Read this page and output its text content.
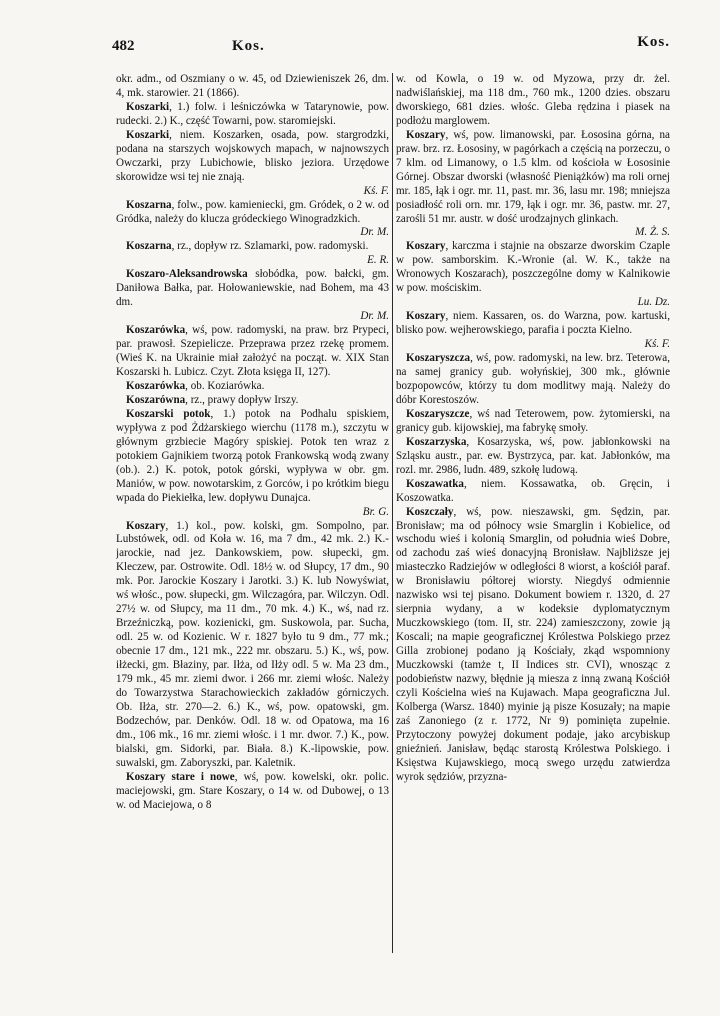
482	Kos.	Kos.

okr. adm., od Oszmiany o w. 45, od Dziewieniszek 26, dm. 4, mk. starowier. 21 (1866).

Koszarki, 1.) folw. i leśniczówka w Tatarynowie, pow. rudecki. 2.) K., część Towarni, pow. staromiejski.

Koszarki, niem. Koszarken, osada, pow. stargrodzki, podana na starszych wojskowych mapach, w najnowszych Owczarki, przy Lubichowie, blisko jeziora. Urzędowe skorowidze wsi tej nie znają.
Kś. F.

Koszarna, folw., pow. kamieniecki, gm. Gródek, o 2 w. od Gródka, należy do klucza gródeckiego Winogradzkich.
Dr. M.

Koszarna, rz., dopływ rz. Szlamarki, pow. radomyski.
E. R.

Koszaro-Aleksandrowska słobódka, pow. bałcki, gm. Daniłowa Bałka, par. Hołowaniewskie, nad Bohem, ma 43 dm.
Dr. M.

Koszarówka, wś, pow. radomyski, na praw. brz Prypeci, par. prawosł. Szepielicze. Przeprawa przez rzekę promem. (Wieś K. na Ukrainie miał założyć na począt. w. XIX Stan Koszarski h. Lubicz. Czyt. Złota księga II, 127).

Koszarówka, ob. Koziarówka.

Koszarówna, rz., prawy dopływ Irszy.

Koszarski potok, 1.) potok na Podhalu spiskiem, wypływa z pod Żdżarskiego wierchu (1178 m.), szczytu w głównym grzbiecie Magóry spiskiej. Potok ten wraz z potokiem Gajnikiem tworzą potok Frankowską wodą zwany (ob.). 2.) K. potok, potok górski, wypływa w obr. gm. Maniów, w pow. nowotarskim, z Gorców, i po krótkim biegu wpada do Piekiełka, lew. dopływu Dunajca.
Br. G.

Koszary, 1.) kol., pow. kolski, gm. Sompolno, par. Lubstówek, odl. od Koła w. 16, ma 7 dm., 42 mk. 2.) K.-jarockie, nad jez. Dankowskiem, pow. słupecki, gm. Kleczew, par. Ostrowite. Odl. 18½ w. od Słupcy, 17 dm., 90 mk. Por. Jarockie Koszary i Jarotki. 3.) K. lub Nowyświat, wś włośc., pow. słupecki, gm. Wilczagóra, par. Wilczyn. Odl. 27½ w. od Słupcy, ma 11 dm., 70 mk. 4.) K., wś, nad rz. Brzeźniczką, pow. kozienicki, gm. Suskowola, par. Sucha, odl. 25 w. od Kozienic. W r. 1827 było tu 9 dm., 77 mk.; obecnie 17 dm., 121 mk., 222 mr. obszaru. 5.) K., wś, pow. iłżecki, gm. Błaziny, par. Iłża, od Iłży odl. 5 w. Ma 23 dm., 179 mk., 45 mr. ziemi dwor. i 266 mr. ziemi włośc. Należy do Towarzystwa Starachowieckich zakładów górniczych. Ob. Iłża, str. 270—2. 6.) K., wś, pow. opatowski, gm. Bodzechów, par. Denków. Odl. 18 w. od Opatowa, ma 16 dm., 106 mk., 16 mr. ziemi włośc. i 1 mr. dwor. 7.) K., pow. bialski, gm. Sidorki, par. Biała. 8.) K.-lipowskie, pow. suwalski, gm. Zaboryszki, par. Kaletnik.

Koszary stare i nowe, wś, pow. kowelski, okr. polic. maciejowski, gm. Stare Koszary, o 14 w. od Dubowej, o 13 w. od Maciejowa, o 8

w. od Kowla, o 19 w. od Myzowa, przy dr. żel. nadwiślańskiej, ma 118 dm., 760 mk., 1200 dzies. obszaru dworskiego, 681 dzies. włośc. Gleba rędzina i piasek na podłożu marglowem.

Koszary, wś, pow. limanowski, par. Łososina górna, na praw. brz. rz. Łososiny, w pagórkach a częścią na porzeczu, o 7 klm. od Limanowy, o 1.5 klm. od kościoła w Łososinie Górnej. Obszar dworski (własność Pieniążków) ma roli ornej mr. 185, łąk i ogr. mr. 11, past. mr. 36, lasu mr. 198; mniejsza posiadłość roli orn. mr. 179, łąk i ogr. mr. 36, pastw. mr. 27, zarośli 51 mr. austr. w dość urodzajnych glinkach.
M. Ż. S.

Koszary, karczma i stajnie na obszarze dworskim Czaple w pow. samborskim. K.-Wronie (al. W. K., także na Wronowych Koszarach), poszczególne domy w Kalnikowie w pow. mościskim.
Lu. Dz.

Koszary, niem. Kassaren, os. do Warzna, pow. kartuski, blisko pow. wejherowskiego, parafia i poczta Kielno.
Kś. F.

Koszaryszcza, wś, pow. radomyski, na lew. brz. Teterowa, na samej granicy gub. wołyńskiej, 300 mk., głównie bozpopowców, którzy tu dom modlitwy mają. Należy do dóbr Korestoszów.

Koszaryszcze, wś nad Teterowem, pow. żytomierski, na granicy gub. kijowskiej, ma fabrykę smoły.

Koszarzyska, Kosarzyska, wś, pow. jabłonkowski na Szląsku austr., par. ew. Bystrzyca, par. kat. Jabłonków, ma rozl. mr. 2986, ludn. 489, szkołę ludową.

Koszawatka, niem. Kossawatka, ob. Gręcin, i Koszowatka.

Koszczały, wś, pow. nieszawski, gm. Sędzin, par. Bronisław; ma od północy wsie Smarglin i Kobielice, od wschodu wieś i kolonią Smarglin, od południa wieś Dobre, od zachodu zaś wieś donacyjną Bronisław. Najbliższe jej miasteczko Radziejów w odległości 8 wiorst, a kościół paraf. w Bronisławiu półtorej wiorsty. Niegdyś odmiennie nazwisko wsi tej pisano. Dokument bowiem r. 1320, d. 27 sierpnia wydany, a w kodeksie dyplomatycznym Muczkowskiego (tom. II, str. 224) zamieszczony, zowie ją Koscali; na mapie geograficznej Królestwa Polskiego przez Gilla zrobionej podano ją Kościały, zkąd wspomniony Muczkowski (tamże t, II Indices str. CVI), wnosząc z podobieństw nazwy, błędnie ją miesza z inną zwaną Kościół czyli Kościelna wieś na Kujawach. Mapa geograficzna Jul. Kolberga (Warsz. 1840) myinie ją pisze Kosuzały; na mapie zaś Zanoniego (z r. 1772, Nr 9) pominięta zupełnie. Przytoczony powyżej dokument podaje, jako arcybiskup gnieźnień. Janisław, będąc starostą Królestwa Polskiego. i Księstwa Kujawskiego, mocą swego urzędu zatwierdza wyrok sędziów, przyzna-
